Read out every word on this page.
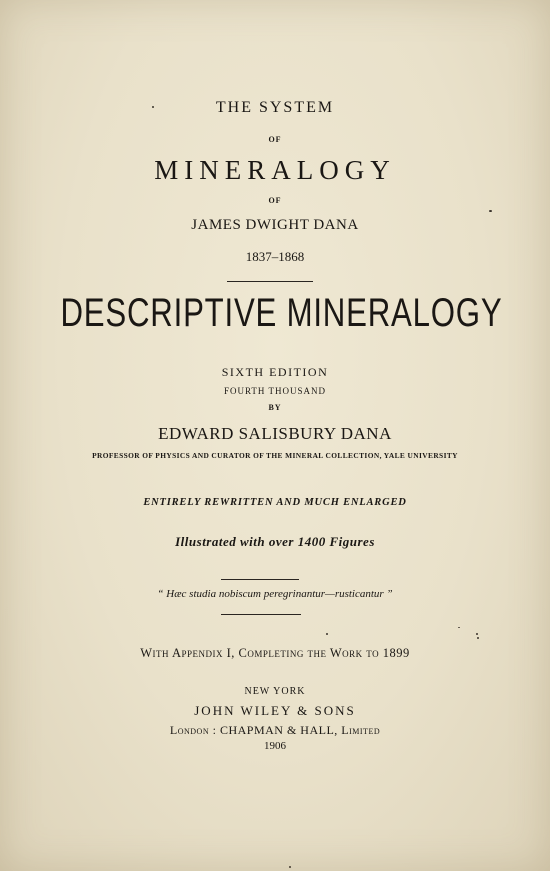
THE SYSTEM
OF
MINERALOGY
OF
JAMES DWIGHT DANA
1837–1868
DESCRIPTIVE MINERALOGY
SIXTH EDITION
FOURTH THOUSAND
BY
EDWARD SALISBURY DANA
PROFESSOR OF PHYSICS AND CURATOR OF THE MINERAL COLLECTION, YALE UNIVERSITY
ENTIRELY REWRITTEN AND MUCH ENLARGED
Illustrated with over 1400 Figures
“ Hæc studia nobiscum peregrinantur—rusticantur ”
With Appendix I, Completing the Work to 1899
NEW YORK
JOHN WILEY & SONS
London : CHAPMAN & HALL, Limited
1906
